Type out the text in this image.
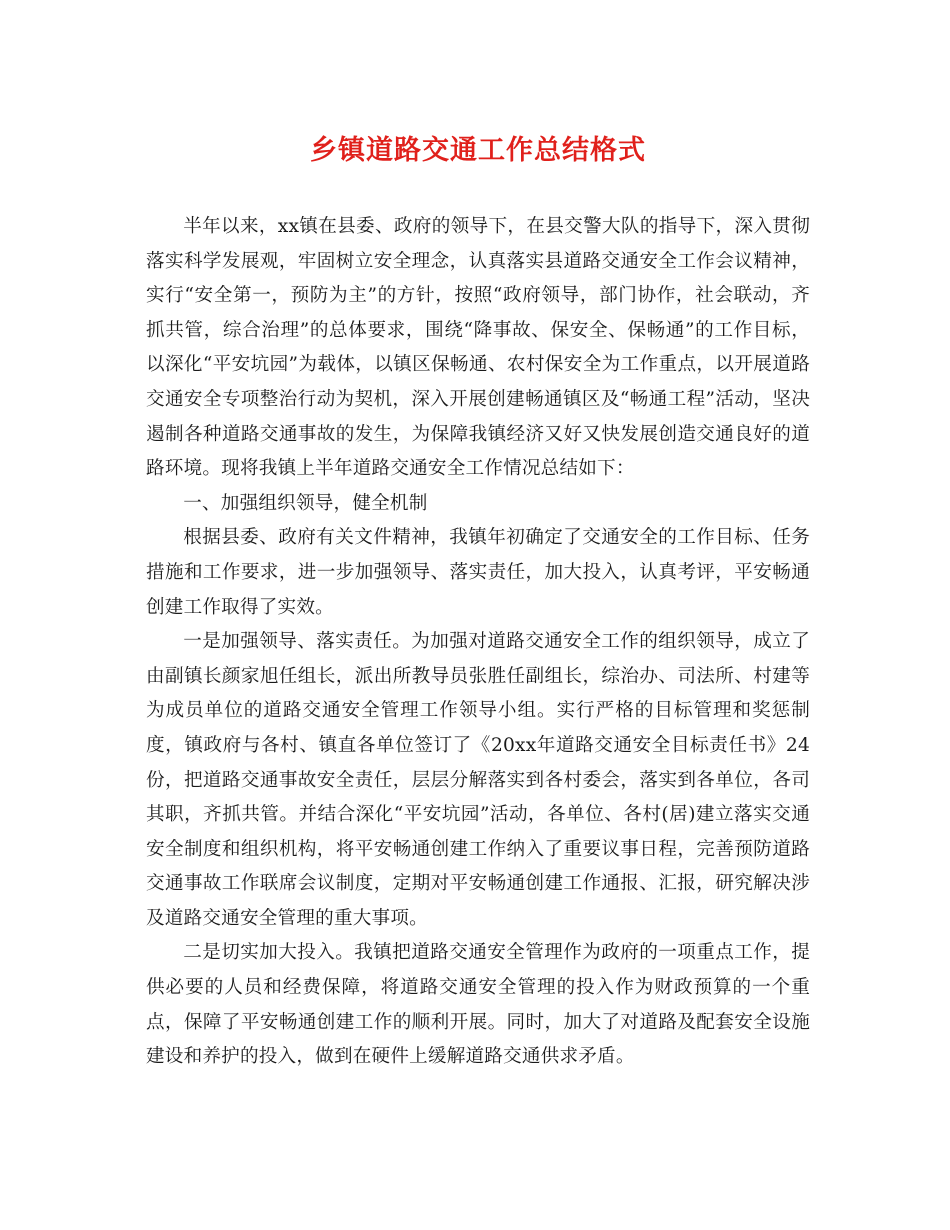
乡镇道路交通工作总结格式

半年以来，xx镇在县委、政府的领导下，在县交警大队的指导下，深入贯彻落实科学发展观，牢固树立安全理念，认真落实县道路交通安全工作会议精神，实行“安全第一，预防为主”的方针，按照“政府领导，部门协作，社会联动，齐抓共管，综合治理”的总体要求，围绕“降事故、保安全、保畅通”的工作目标，以深化“平安坑园”为载体，以镇区保畅通、农村保安全为工作重点，以开展道路交通安全专项整治行动为契机，深入开展创建畅通镇区及“畅通工程”活动，坚决遏制各种道路交通事故的发生，为保障我镇经济又好又快发展创造交通良好的道路环境。现将我镇上半年道路交通安全工作情况总结如下：

一、加强组织领导，健全机制

根据县委、政府有关文件精神，我镇年初确定了交通安全的工作目标、任务措施和工作要求，进一步加强领导、落实责任，加大投入，认真考评，平安畅通创建工作取得了实效。

一是加强领导、落实责任。为加强对道路交通安全工作的组织领导，成立了由副镇长颜家旭任组长，派出所教导员张胜任副组长，综治办、司法所、村建等为成员单位的道路交通安全管理工作领导小组。实行严格的目标管理和奖惩制度，镇政府与各村、镇直各单位签订了《20xx年道路交通安全目标责任书》24份，把道路交通事故安全责任，层层分解落实到各村委会，落实到各单位，各司其职，齐抓共管。并结合深化“平安坑园”活动，各单位、各村(居)建立落实交通安全制度和组织机构，将平安畅通创建工作纳入了重要议事日程，完善预防道路交通事故工作联席会议制度，定期对平安畅通创建工作通报、汇报，研究解决涉及道路交通安全管理的重大事项。

二是切实加大投入。我镇把道路交通安全管理作为政府的一项重点工作，提供必要的人员和经费保障，将道路交通安全管理的投入作为财政预算的一个重点，保障了平安畅通创建工作的顺利开展。同时，加大了对道路及配套安全设施建设和养护的投入，做到在硬件上缓解道路交通供求矛盾。
